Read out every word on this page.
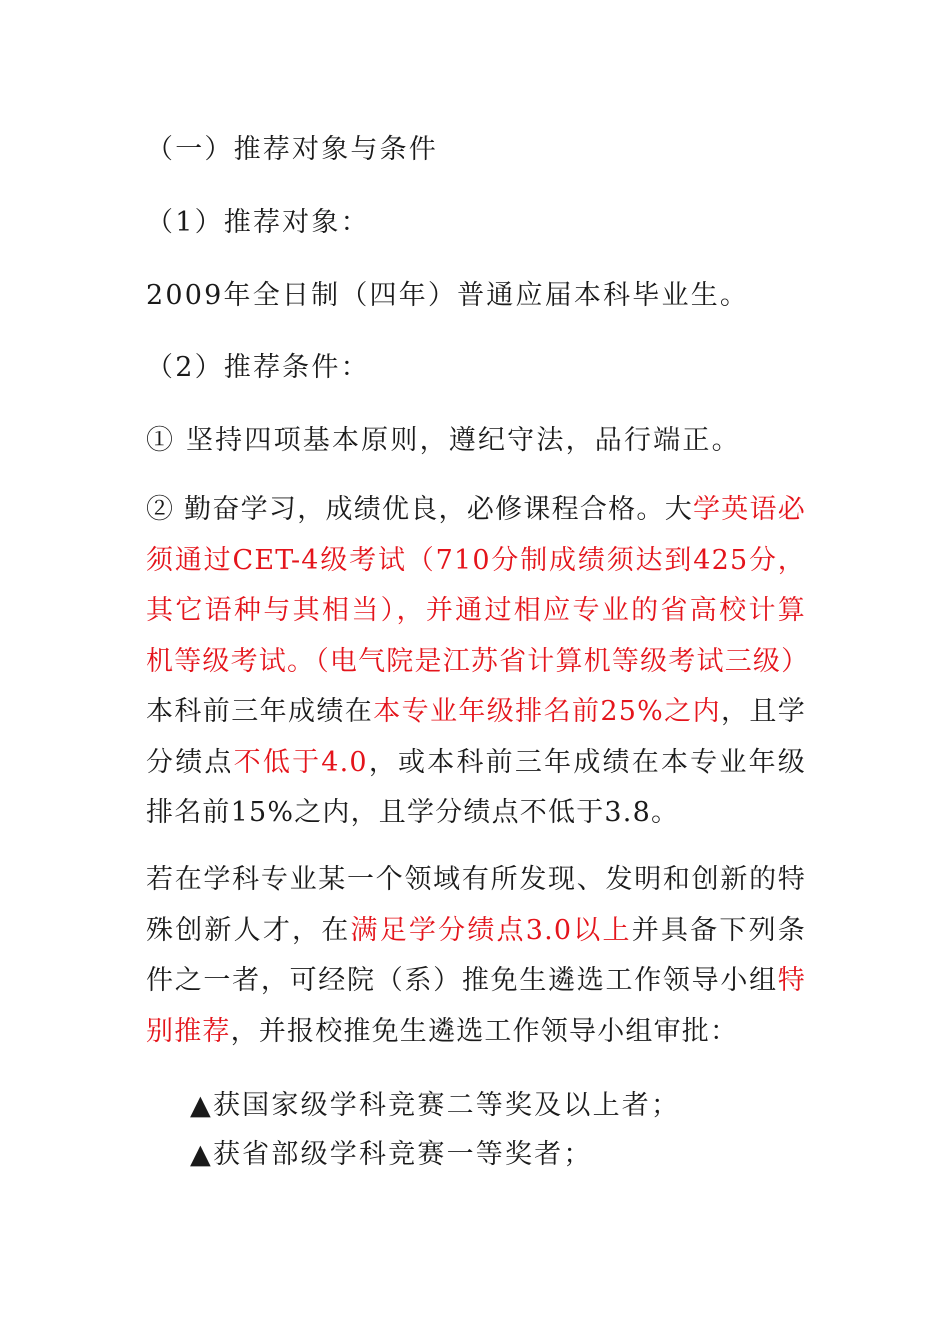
（一）推荐对象与条件
（1）推荐对象：
2009年全日制（四年）普通应届本科毕业生。
（2）推荐条件：
① 坚持四项基本原则，遵纪守法，品行端正。
② 勤奋学习，成绩优良，必修课程合格。大学英语必须通过CET-4级考试（710分制成绩须达到425分，其它语种与其相当），并通过相应专业的省高校计算机等级考试。（电气院是江苏省计算机等级考试三级）本科前三年成绩在本专业年级排名前25%之内，且学分绩点不低于4.0，或本科前三年成绩在本专业年级排名前15%之内，且学分绩点不低于3.8。
若在学科专业某一个领域有所发现、发明和创新的特殊创新人才，在满足学分绩点3.0以上并具备下列条件之一者，可经院（系）推免生遴选工作领导小组特别推荐，并报校推免生遴选工作领导小组审批：
▲获国家级学科竞赛二等奖及以上者；
▲获省部级学科竞赛一等奖者；
